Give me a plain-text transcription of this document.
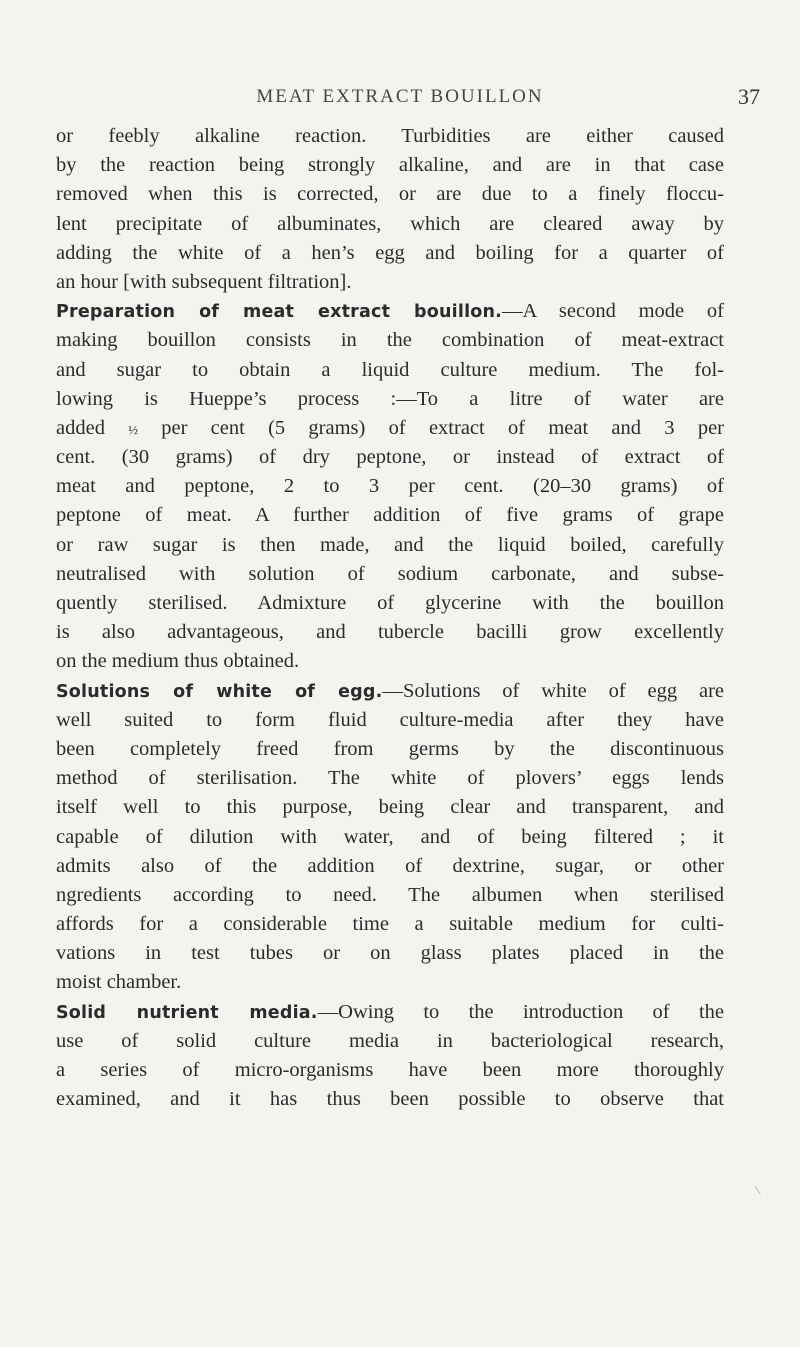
MEAT EXTRACT BOUILLON	37
or feebly alkaline reaction. Turbidities are either caused
by the reaction being strongly alkaline, and are in that case
removed when this is corrected, or are due to a finely floccu-
lent precipitate of albuminates, which are cleared away by
adding the white of a hen’s egg and boiling for a quarter of
an hour [with subsequent filtration].
Preparation of meat extract bouillon.—A second mode of
making bouillon consists in the combination of meat-extract
and sugar to obtain a liquid culture medium. The fol-
lowing is Hueppe’s process :—To a litre of water are
added ½ per cent (5 grams) of extract of meat and 3 per
cent. (30 grams) of dry peptone, or instead of extract of
meat and peptone, 2 to 3 per cent. (20–30 grams) of
peptone of meat. A further addition of five grams of grape
or raw sugar is then made, and the liquid boiled, carefully
neutralised with solution of sodium carbonate, and subse-
quently sterilised. Admixture of glycerine with the bouillon
is also advantageous, and tubercle bacilli grow excellently
on the medium thus obtained.
Solutions of white of egg.—Solutions of white of egg are
well suited to form fluid culture-media after they have
been completely freed from germs by the discontinuous
method of sterilisation. The white of plovers’ eggs lends
itself well to this purpose, being clear and transparent, and
capable of dilution with water, and of being filtered ; it
admits also of the addition of dextrine, sugar, or other
ngredients according to need. The albumen when sterilised
affords for a considerable time a suitable medium for culti-
vations in test tubes or on glass plates placed in the
moist chamber.
Solid nutrient media.—Owing to the introduction of the
use of solid culture media in bacteriological research,
a series of micro-organisms have been more thoroughly
examined, and it has thus been possible to observe that
